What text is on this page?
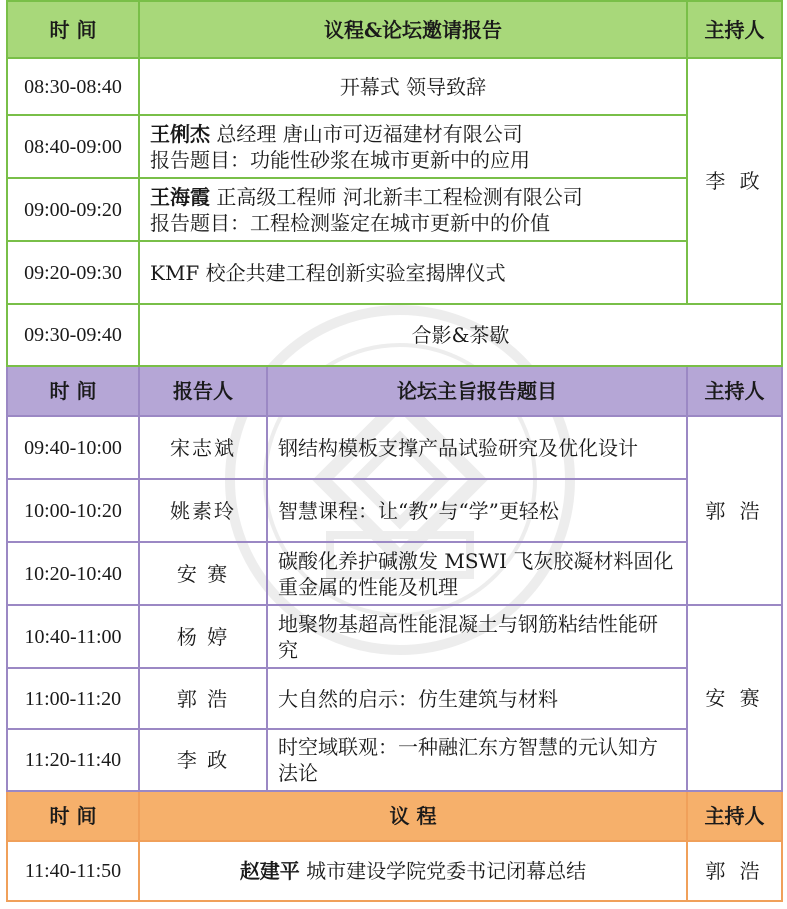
时 间	议程&论坛邀请报告		主持人
08:30-08:40	开幕式 领导致辞		李 政
08:40-09:00	王俐杰 总经理 唐山市可迈福建材有限公司
报告题目：功能性砂浆在城市更新中的应用		
09:00-09:20	王海霞 正高级工程师 河北新丰工程检测有限公司
报告题目：工程检测鉴定在城市更新中的价值		
09:20-09:30	KMF 校企共建工程创新实验室揭牌仪式		
09:30-09:40	合影&茶歇		
时 间	报告人	论坛主旨报告题目	主持人
09:40-10:00	宋志斌	钢结构模板支撑产品试验研究及优化设计	郭 浩
10:00-10:20	姚素玲	智慧课程：让“教”与“学”更轻松	
10:20-10:40	安 赛	碳酸化养护碱激发 MSWI 飞灰胶凝材料固化重金属的性能及机理	
10:40-11:00	杨 婷	地聚物基超高性能混凝土与钢筋粘结性能研究	安 赛
11:00-11:20	郭 浩	大自然的启示：仿生建筑与材料	
11:20-11:40	李 政	时空域联观：一种融汇东方智慧的元认知方法论	
时 间	议 程		主持人
11:40-11:50	赵建平 城市建设学院党委书记闭幕总结		郭 浩
